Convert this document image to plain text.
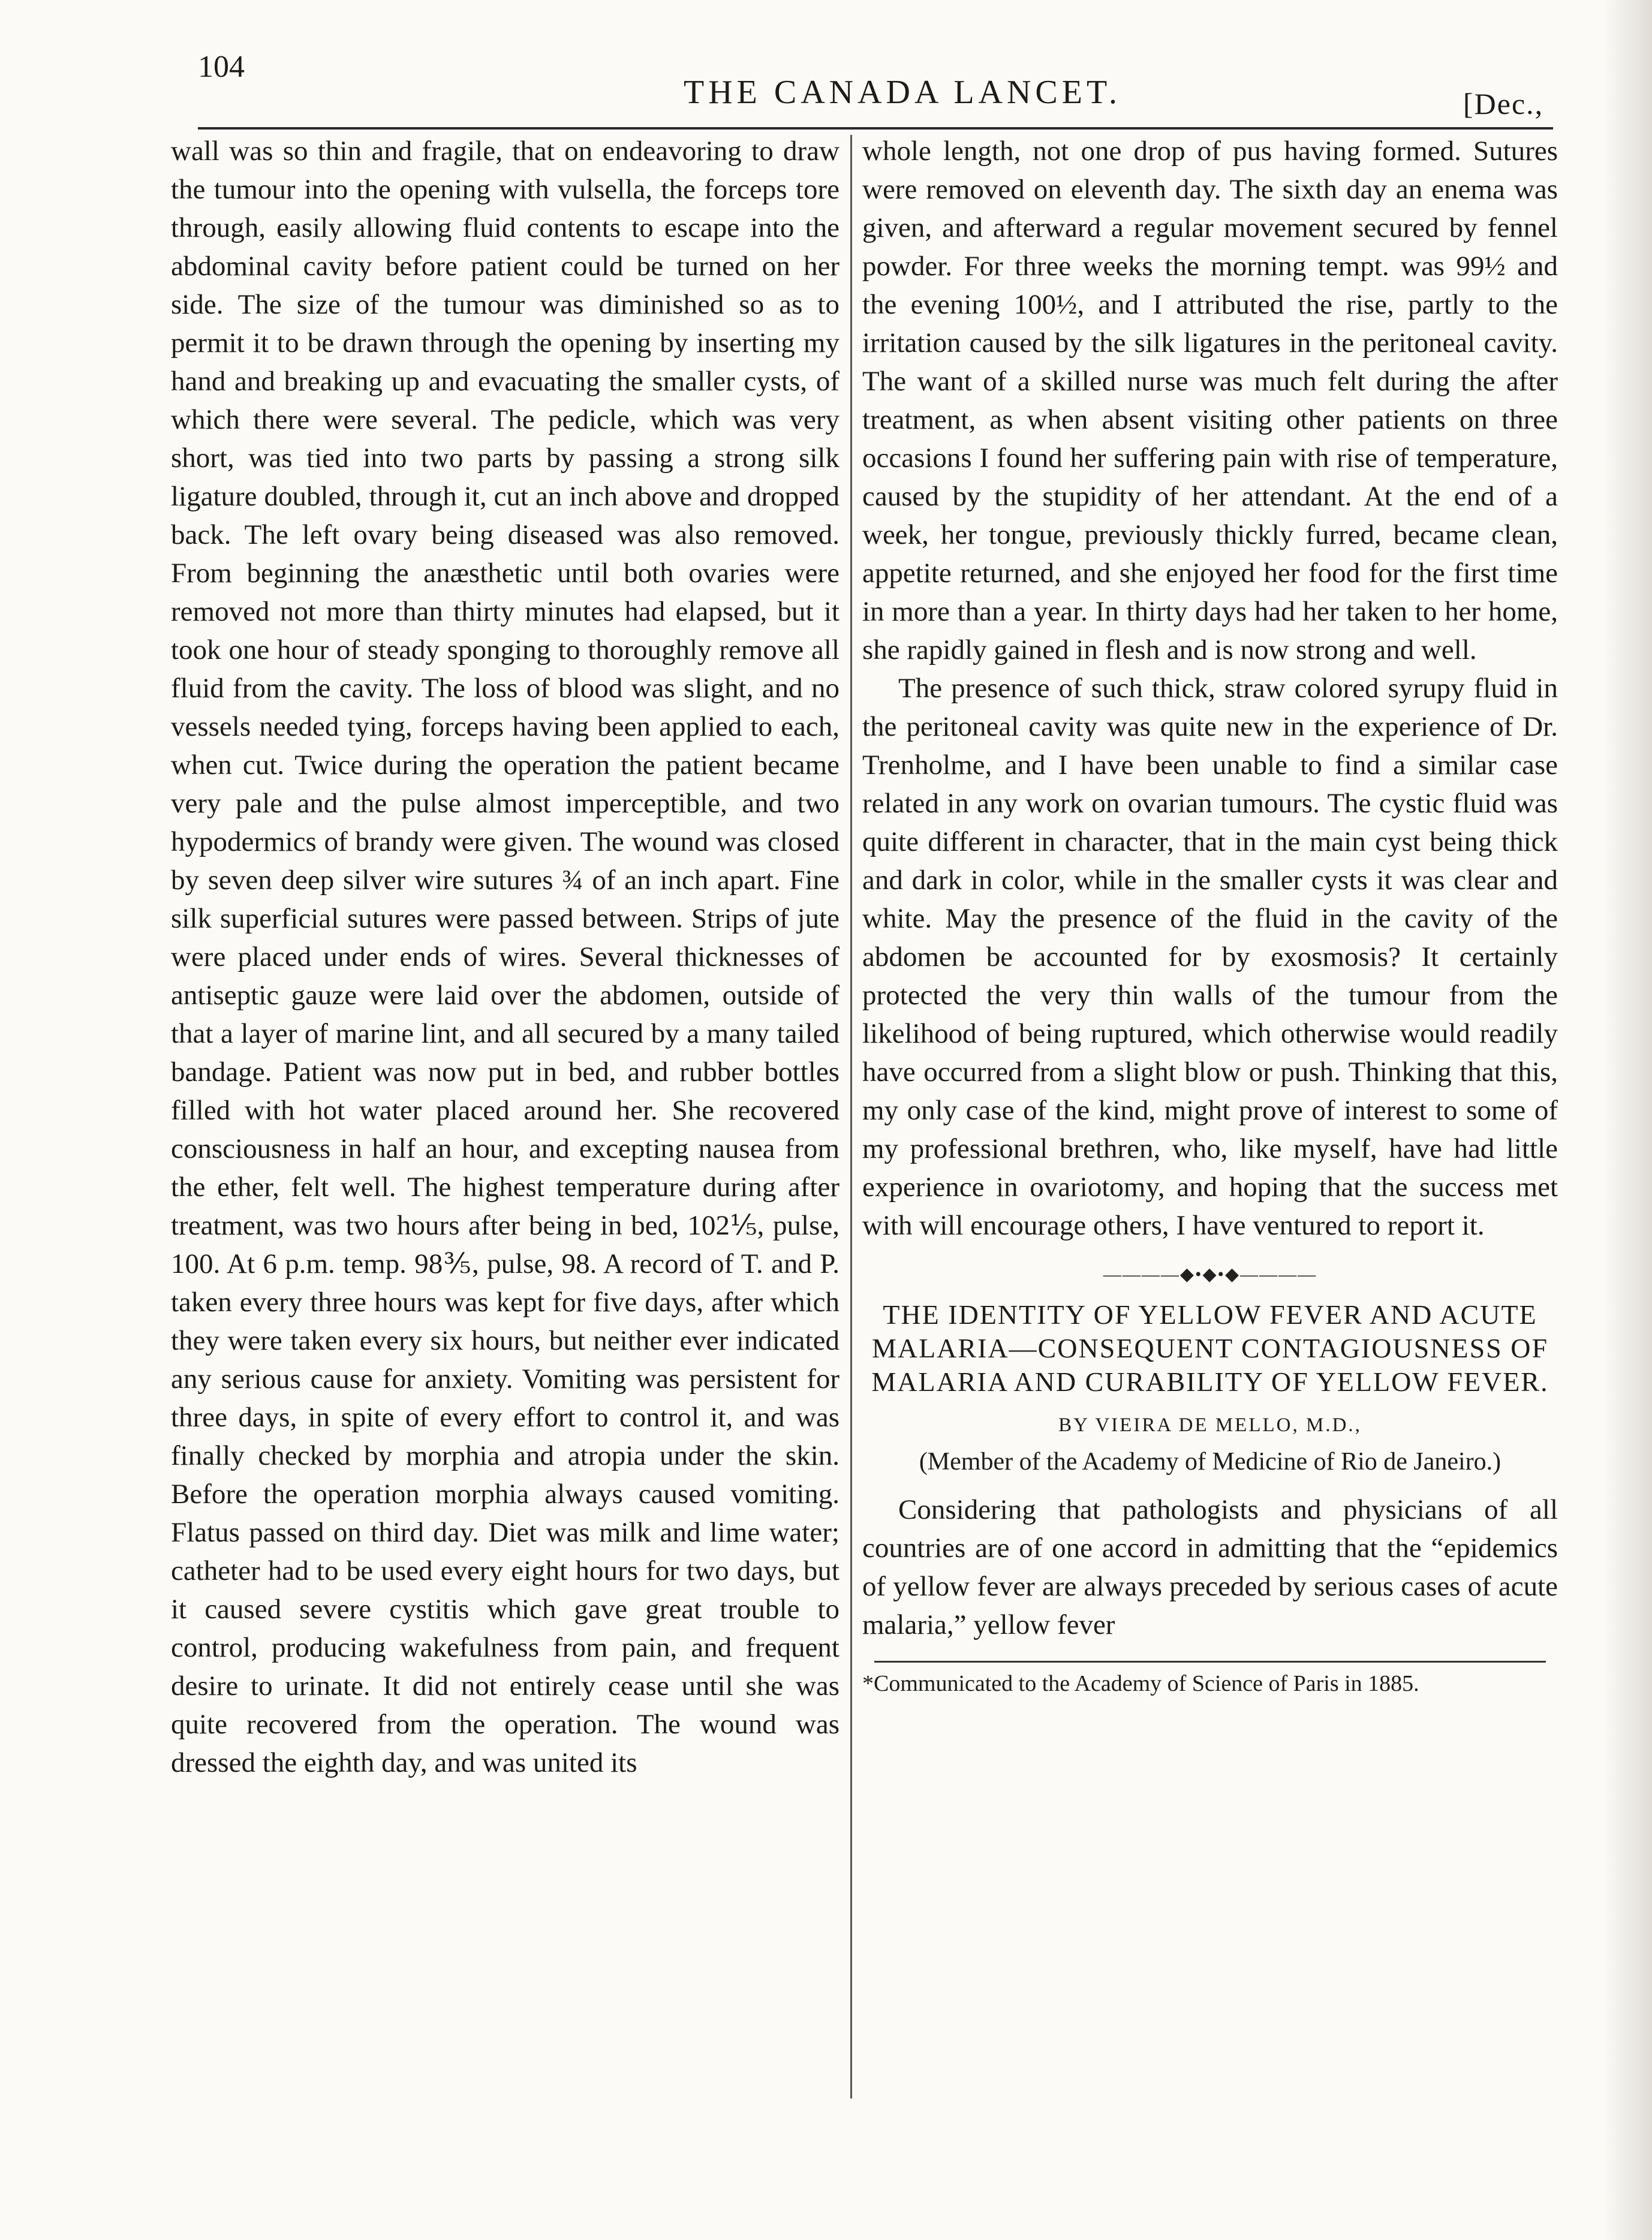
104
THE CANADA LANCET.	[Dec.,

wall was so thin and fragile, that on endeavoring to draw the tumour into the opening with vulsella, the forceps tore through, easily allowing fluid contents to escape into the abdominal cavity before patient could be turned on her side. The size of the tumour was diminished so as to permit it to be drawn through the opening by inserting my hand and breaking up and evacuating the smaller cysts, of which there were several. The pedicle, which was very short, was tied into two parts by passing a strong silk ligature doubled, through it, cut an inch above and dropped back. The left ovary being diseased was also removed. From beginning the anæsthetic until both ovaries were removed not more than thirty minutes had elapsed, but it took one hour of steady sponging to thoroughly remove all fluid from the cavity. The loss of blood was slight, and no vessels needed tying, forceps having been applied to each, when cut. Twice during the operation the patient became very pale and the pulse almost imperceptible, and two hypodermics of brandy were given. The wound was closed by seven deep silver wire sutures ¾ of an inch apart. Fine silk superficial sutures were passed between. Strips of jute were placed under ends of wires. Several thicknesses of antiseptic gauze were laid over the abdomen, outside of that a layer of marine lint, and all secured by a many tailed bandage. Patient was now put in bed, and rubber bottles filled with hot water placed around her. She recovered consciousness in half an hour, and excepting nausea from the ether, felt well. The highest temperature during after treatment, was two hours after being in bed, 102⅕, pulse, 100. At 6 p.m. temp. 98⅗, pulse, 98. A record of T. and P. taken every three hours was kept for five days, after which they were taken every six hours, but neither ever indicated any serious cause for anxiety. Vomiting was persistent for three days, in spite of every effort to control it, and was finally checked by morphia and atropia under the skin. Before the operation morphia always caused vomiting. Flatus passed on third day. Diet was milk and lime water; catheter had to be used every eight hours for two days, but it caused severe cystitis which gave great trouble to control, producing wakefulness from pain, and frequent desire to urinate. It did not entirely cease until she was quite recovered from the operation. The wound was dressed the eighth day, and was united its

whole length, not one drop of pus having formed. Sutures were removed on eleventh day. The sixth day an enema was given, and afterward a regular movement secured by fennel powder. For three weeks the morning tempt. was 99½ and the evening 100½, and I attributed the rise, partly to the irritation caused by the silk ligatures in the peritoneal cavity. The want of a skilled nurse was much felt during the after treatment, as when absent visiting other patients on three occasions I found her suffering pain with rise of temperature, caused by the stupidity of her attendant. At the end of a week, her tongue, previously thickly furred, became clean, appetite returned, and she enjoyed her food for the first time in more than a year. In thirty days had her taken to her home, she rapidly gained in flesh and is now strong and well.

The presence of such thick, straw colored syrupy fluid in the peritoneal cavity was quite new in the experience of Dr. Trenholme, and I have been unable to find a similar case related in any work on ovarian tumours. The cystic fluid was quite different in character, that in the main cyst being thick and dark in color, while in the smaller cysts it was clear and white. May the presence of the fluid in the cavity of the abdomen be accounted for by exosmosis? It certainly protected the very thin walls of the tumour from the likelihood of being ruptured, which otherwise would readily have occurred from a slight blow or push. Thinking that this, my only case of the kind, might prove of interest to some of my professional brethren, who, like myself, have had little experience in ovariotomy, and hoping that the success met with will encourage others, I have ventured to report it.

————◆•◆•◆————
THE IDENTITY OF YELLOW FEVER AND ACUTE MALARIA—CONSEQUENT CONTAGIOUSNESS OF MALARIA AND CURABILITY OF YELLOW FEVER.
BY VIEIRA DE MELLO, M.D.,
(Member of the Academy of Medicine of Rio de Janeiro.)

Considering that pathologists and physicians of all countries are of one accord in admitting that the “epidemics of yellow fever are always preceded by serious cases of acute malaria,” yellow fever

*Communicated to the Academy of Science of Paris in 1885.
